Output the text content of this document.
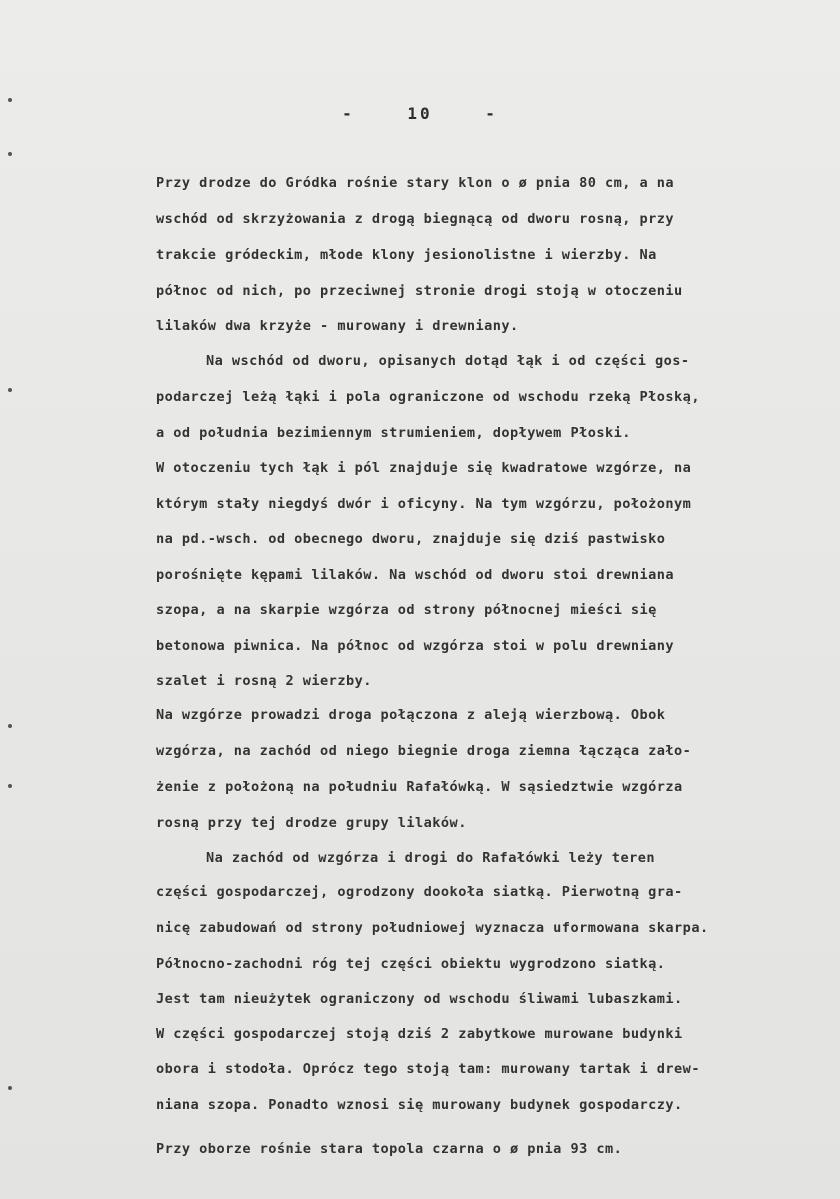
- 10 -
Przy drodze do Gródka rośnie stary klon o ø pnia 80 cm, a na
wschód od skrzyżowania z drogą biegnącą od dworu rosną, przy
trakcie gródeckim, młode klony jesionolistne i wierzby. Na
północ od nich, po przeciwnej stronie drogi stoją w otoczeniu
lilaków dwa krzyże - murowany i drewniany.
Na wschód od dworu, opisanych dotąd łąk i od części gos-
podarczej leżą łąki i pola ograniczone od wschodu rzeką Płoską,
a od południa bezimiennym strumieniem, dopływem Płoski.
W otoczeniu tych łąk i pól znajduje się kwadratowe wzgórze, na
którym stały niegdyś dwór i oficyny. Na tym wzgórzu, położonym
na pd.-wsch. od obecnego dworu, znajduje się dziś pastwisko
porośnięte kępami lilaków. Na wschód od dworu stoi drewniana
szopa, a na skarpie wzgórza od strony północnej mieści się
betonowa piwnica. Na północ od wzgórza stoi w polu drewniany
szalet i rosną 2 wierzby.
Na wzgórze prowadzi droga połączona z aleją wierzbową. Obok
wzgórza, na zachód od niego biegnie droga ziemna łącząca zało-
żenie z położoną na południu Rafałówką. W sąsiedztwie wzgórza
rosną przy tej drodze grupy lilaków.
Na zachód od wzgórza i drogi do Rafałówki leży teren
części gospodarczej, ogrodzony dookoła siatką. Pierwotną gra-
nicę zabudowań od strony południowej wyznacza uformowana skarpa.
Północno-zachodni róg tej części obiektu wygrodzono siatką.
Jest tam nieużytek ograniczony od wschodu śliwami lubaszkami.
W części gospodarczej stoją dziś 2 zabytkowe murowane budynki
obora i stodoła. Oprócz tego stoją tam: murowany tartak i drew-
niana szopa. Ponadto wznosi się murowany budynek gospodarczy.
Przy oborze rośnie stara topola czarna o ø pnia 93 cm.
